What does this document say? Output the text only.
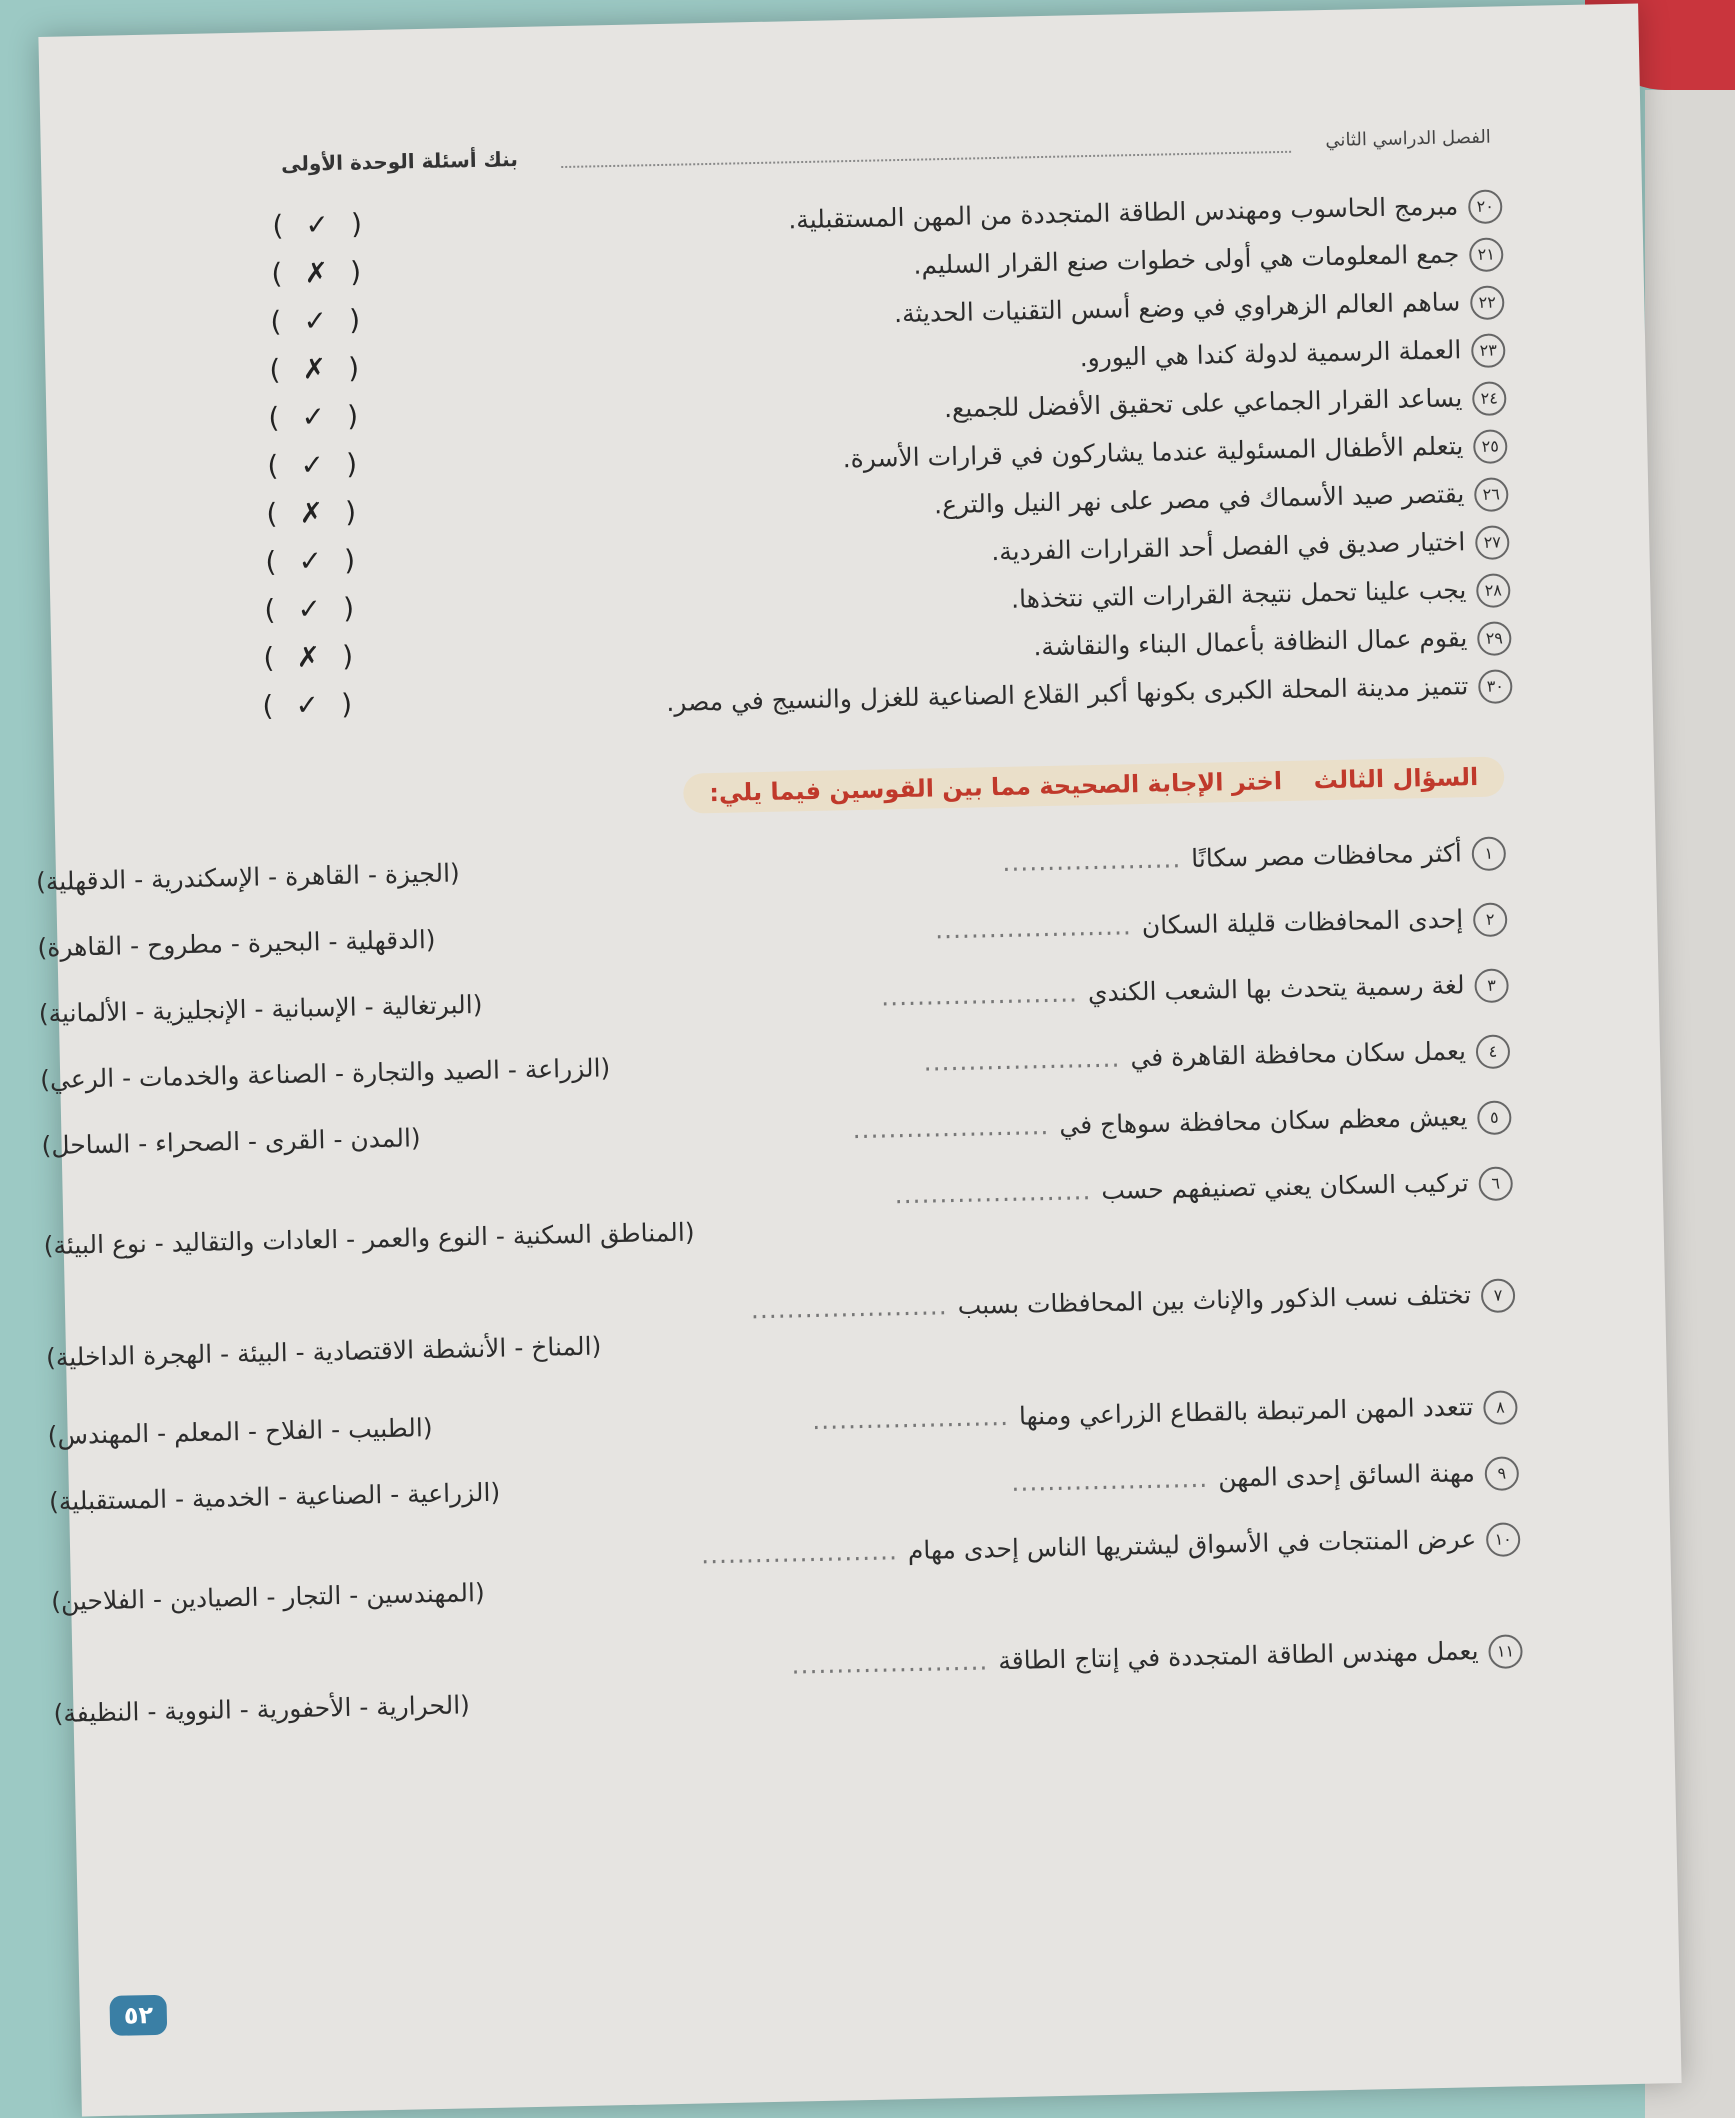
بنك أسئلة الوحدة الأولى
الفصل الدراسي الثاني
٢٠مبرمج الحاسوب ومهندس الطاقة المتجددة من المهن المستقبلية.
٢١جمع المعلومات هي أولى خطوات صنع القرار السليم.
٢٢ساهم العالم الزهراوي في وضع أسس التقنيات الحديثة.
٢٣العملة الرسمية لدولة كندا هي اليورو.
٢٤يساعد القرار الجماعي على تحقيق الأفضل للجميع.
٢٥يتعلم الأطفال المسئولية عندما يشاركون في قرارات الأسرة.
٢٦يقتصر صيد الأسماك في مصر على نهر النيل والترع.
٢٧اختيار صديق في الفصل أحد القرارات الفردية.
٢٨يجب علينا تحمل نتيجة القرارات التي نتخذها.
٢٩يقوم عمال النظافة بأعمال البناء والنقاشة.
٣٠تتميز مدينة المحلة الكبرى بكونها أكبر القلاع الصناعية للغزل والنسيج في مصر.
( ✓ )
( ✗ )
( ✓ )
( ✗ )
( ✓ )
( ✓ )
( ✗ )
( ✓ )
( ✓ )
( ✗ )
( ✓ )
السؤال الثالث اختر الإجابة الصحيحة مما بين القوسين فيما يلي:
١أكثر محافظات مصر سكانًا....................
(الجيزة - القاهرة - الإسكندرية - الدقهلية)
٢إحدى المحافظات قليلة السكان......................
(الدقهلية - البحيرة - مطروح - القاهرة)
٣لغة رسمية يتحدث بها الشعب الكندي......................
(البرتغالية - الإسبانية - الإنجليزية - الألمانية)
٤يعمل سكان محافظة القاهرة في......................
(الزراعة - الصيد والتجارة - الصناعة والخدمات - الرعي)
٥يعيش معظم سكان محافظة سوهاج في......................
(المدن - القرى - الصحراء - الساحل)
٦تركيب السكان يعني تصنيفهم حسب......................
(المناطق السكنية - النوع والعمر - العادات والتقاليد - نوع البيئة)
٧تختلف نسب الذكور والإناث بين المحافظات بسبب......................
(المناخ - الأنشطة الاقتصادية - البيئة - الهجرة الداخلية)
٨تتعدد المهن المرتبطة بالقطاع الزراعي ومنها......................
(الطبيب - الفلاح - المعلم - المهندس)
٩مهنة السائق إحدى المهن......................
(الزراعية - الصناعية - الخدمية - المستقبلية)
١٠عرض المنتجات في الأسواق ليشتريها الناس إحدى مهام......................
(المهندسين - التجار - الصيادين - الفلاحين)
١١يعمل مهندس الطاقة المتجددة في إنتاج الطاقة......................
(الحرارية - الأحفورية - النووية - النظيفة)
٥٢
